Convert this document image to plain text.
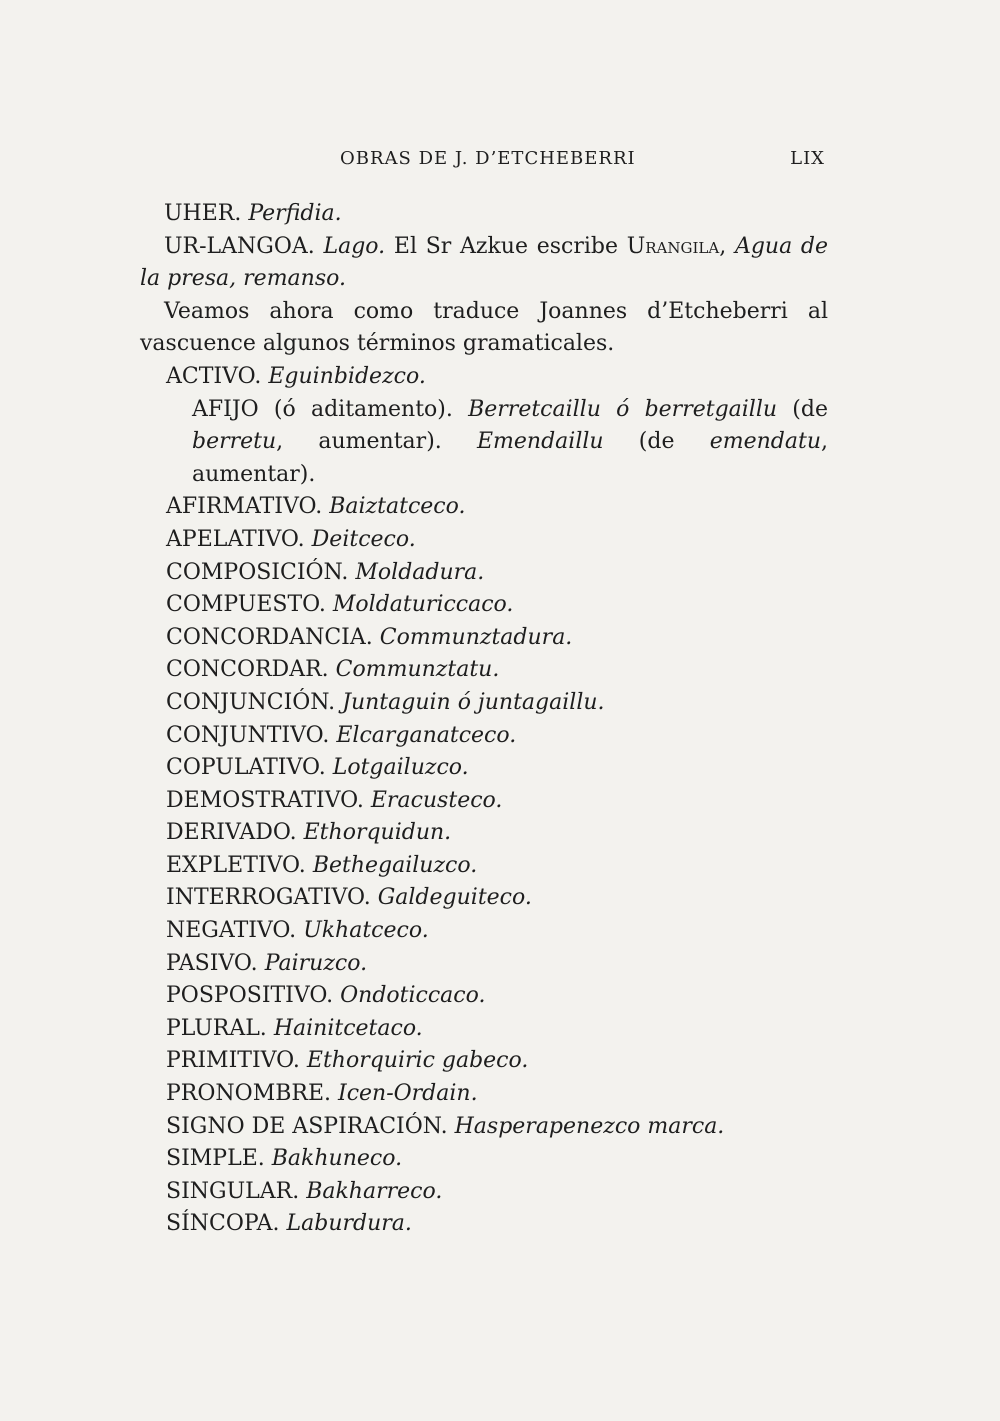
OBRAS DE J. D’ETCHEBERRI	LIX

UHER. Perfidia.

UR-LANGOA. Lago. El Sr Azkue escribe Urangila, Agua de la presa, remanso.

Veamos ahora como traduce Joannes d’Etcheberri al vascuence algunos términos gramaticales.

ACTIVO. Eguinbidezco.

AFIJO (ó aditamento). Berretcaillu ó berretgaillu (de berretu, aumentar). Emendaillu (de emendatu, aumentar).

AFIRMATIVO. Baiztatceco.

APELATIVO. Deitceco.

COMPOSICIÓN. Moldadura.

COMPUESTO. Moldaturiccaco.

CONCORDANCIA. Communztadura.

CONCORDAR. Communztatu.

CONJUNCIÓN. Juntaguin ó juntagaillu.

CONJUNTIVO. Elcarganatceco.

COPULATIVO. Lotgailuzco.

DEMOSTRATIVO. Eracusteco.

DERIVADO. Ethorquidun.

EXPLETIVO. Bethegailuzco.

INTERROGATIVO. Galdeguiteco.

NEGATIVO. Ukhatceco.

PASIVO. Pairuzco.

POSPOSITIVO. Ondoticcaco.

PLURAL. Hainitcetaco.

PRIMITIVO. Ethorquiric gabeco.

PRONOMBRE. Icen-Ordain.

SIGNO DE ASPIRACIÓN. Hasperapenezco marca.

SIMPLE. Bakhuneco.

SINGULAR. Bakharreco.

SÍNCOPA. Laburdura.
